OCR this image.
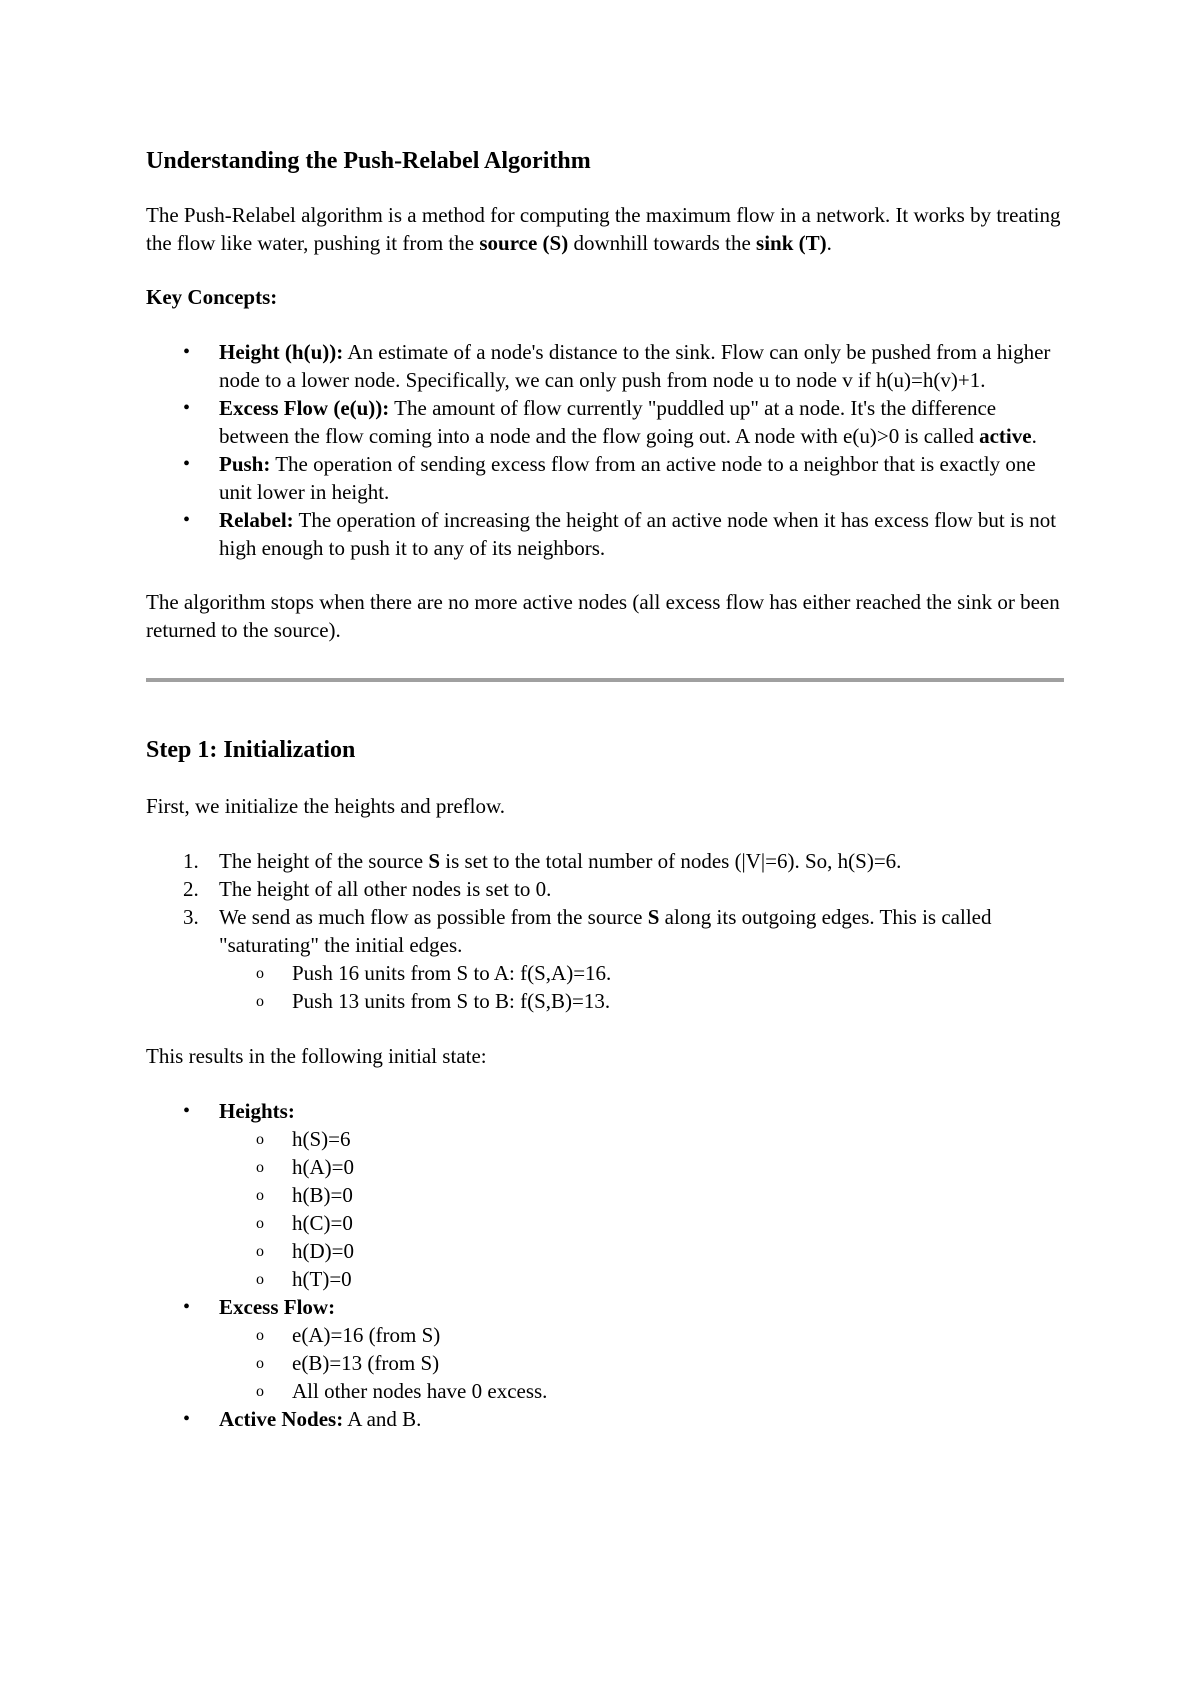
Understanding the Push-Relabel Algorithm

The Push-Relabel algorithm is a method for computing the maximum flow in a network. It works by treating the flow like water, pushing it from the source (S) downhill towards the sink (T).

Key Concepts:

• Height (h(u)): An estimate of a node's distance to the sink. Flow can only be pushed from a higher node to a lower node. Specifically, we can only push from node u to node v if h(u)=h(v)+1.
• Excess Flow (e(u)): The amount of flow currently "puddled up" at a node. It's the difference between the flow coming into a node and the flow going out. A node with e(u)>0 is called active.
• Push: The operation of sending excess flow from an active node to a neighbor that is exactly one unit lower in height.
• Relabel: The operation of increasing the height of an active node when it has excess flow but is not high enough to push it to any of its neighbors.

The algorithm stops when there are no more active nodes (all excess flow has either reached the sink or been returned to the source).

Step 1: Initialization

First, we initialize the heights and preflow.

1. The height of the source S is set to the total number of nodes (|V|=6). So, h(S)=6.
2. The height of all other nodes is set to 0.
3. We send as much flow as possible from the source S along its outgoing edges. This is called "saturating" the initial edges.
o Push 16 units from S to A: f(S,A)=16.
o Push 13 units from S to B: f(S,B)=13.

This results in the following initial state:

• Heights:
o h(S)=6
o h(A)=0
o h(B)=0
o h(C)=0
o h(D)=0
o h(T)=0
• Excess Flow:
o e(A)=16 (from S)
o e(B)=13 (from S)
o All other nodes have 0 excess.
• Active Nodes: A and B.
